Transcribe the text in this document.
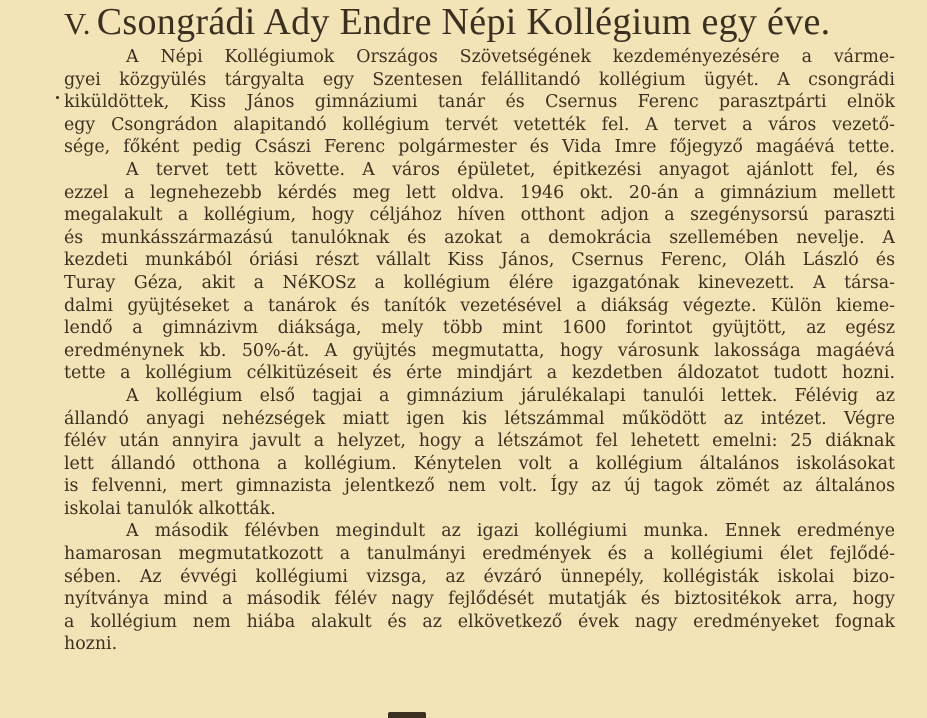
V. Csongrádi Ady Endre Népi Kollégium egy éve.
A Népi Kollégiumok Országos Szövetségének kezdeményezésére a várme-
gyei közgyülés tárgyalta egy Szentesen felállitandó kollégium ügyét. A csongrádi
kiküldöttek, Kiss János gimnáziumi tanár és Csernus Ferenc parasztpárti elnök
egy Csongrádon alapitandó kollégium tervét vetették fel. A tervet a város vezető-
sége, főként pedig Császi Ferenc polgármester és Vida Imre főjegyző magáévá tette.
A tervet tett követte. A város épületet, épitkezési anyagot ajánlott fel, és
ezzel a legnehezebb kérdés meg lett oldva. 1946 okt. 20-án a gimnázium mellett
megalakult a kollégium, hogy céljához híven otthont adjon a szegénysorsú paraszti
és munkásszármazású tanulóknak és azokat a demokrácia szellemében nevelje. A
kezdeti munkából óriási részt vállalt Kiss János, Csernus Ferenc, Oláh László és
Turay Géza, akit a NéKOSz a kollégium élére igazgatónak kinevezett. A társa-
dalmi gyüjtéseket a tanárok és tanítók vezetésével a diákság végezte. Külön kieme-
lendő a gimnázivm diáksága, mely több mint 1600 forintot gyüjtött, az egész
eredménynek kb. 50%-át. A gyüjtés megmutatta, hogy városunk lakossága magáévá
tette a kollégium célkitüzéseit és érte mindjárt a kezdetben áldozatot tudott hozni.
A kollégium első tagjai a gimnázium járulékalapi tanulói lettek. Félévig az
állandó anyagi nehézségek miatt igen kis létszámmal működött az intézet. Végre
félév után annyira javult a helyzet, hogy a létszámot fel lehetett emelni: 25 diáknak
lett állandó otthona a kollégium. Kénytelen volt a kollégium általános iskolásokat
is felvenni, mert gimnazista jelentkező nem volt. Így az új tagok zömét az általános
iskolai tanulók alkották.
A második félévben megindult az igazi kollégiumi munka. Ennek eredménye
hamarosan megmutatkozott a tanulmányi eredmények és a kollégiumi élet fejlődé-
sében. Az évvégi kollégiumi vizsga, az évzáró ünnepély, kollégisták iskolai bizo-
nyítványa mind a második félév nagy fejlődését mutatják és biztositékok arra, hogy
a kollégium nem hiába alakult és az elkövetkező évek nagy eredményeket fognak
hozni.
